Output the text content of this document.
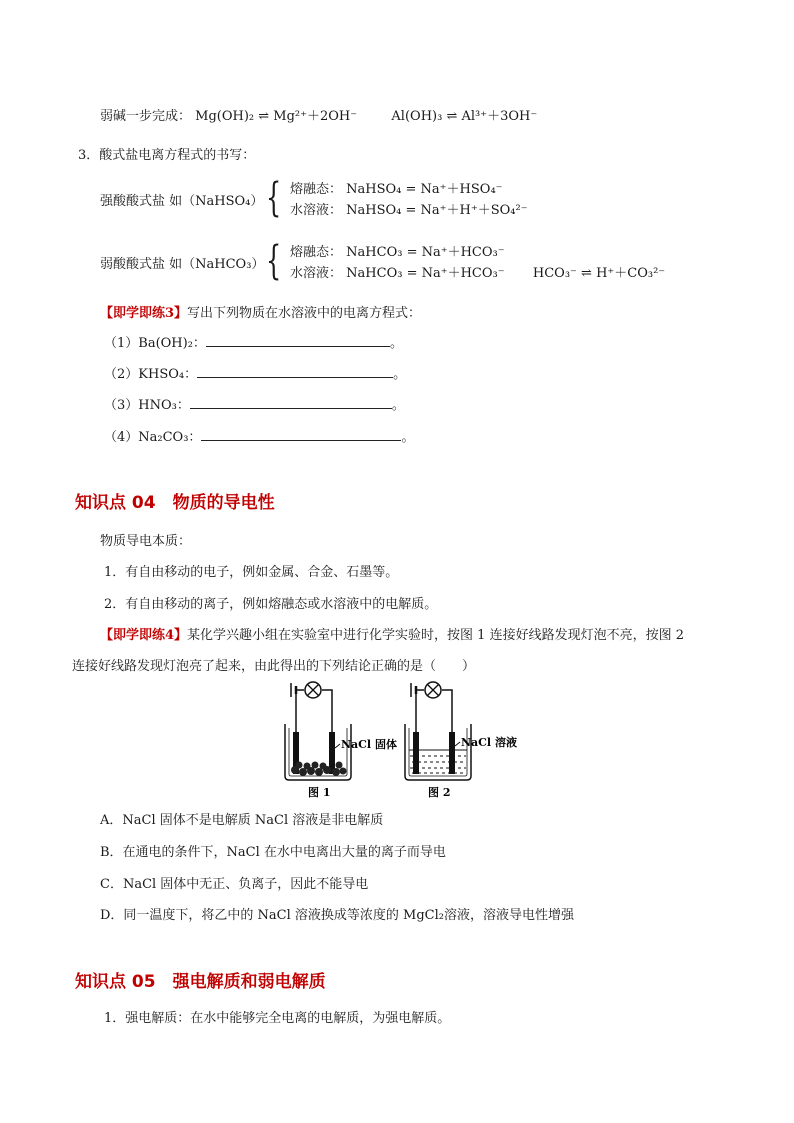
弱碱一步完成： Mg(OH)₂ ⇌ Mg²⁺＋2OH⁻	Al(OH)₃ ⇌ Al³⁺＋3OH⁻
3．酸式盐电离方程式的书写：
强酸酸式盐 如（NaHSO₄） { 熔融态： NaHSO₄ = Na⁺＋HSO₄⁻
水溶液： NaHSO₄ = Na⁺＋H⁺＋SO₄²⁻
弱酸酸式盐 如（NaHCO₃） { 熔融态： NaHCO₃ = Na⁺＋HCO₃⁻
水溶液： NaHCO₃ = Na⁺＋HCO₃⁻ HCO₃⁻ ⇌ H⁺＋CO₃²⁻
【即学即练3】写出下列物质在水溶液中的电离方程式：
（1）Ba(OH)₂：	。
（2）KHSO₄：	。
（3）HNO₃：	。
（4）Na₂CO₃：	。
知识点 04　物质的导电性
物质导电本质：
1．有自由移动的电子，例如金属、合金、石墨等。
2．有自由移动的离子，例如熔融态或水溶液中的电解质。
【即学即练4】某化学兴趣小组在实验室中进行化学实验时，按图 1 连接好线路发现灯泡不亮，按图 2
连接好线路发现灯泡亮了起来，由此得出的下列结论正确的是（　　）
NaCl 固体
图 1
NaCl 溶液
图 2
A．NaCl 固体不是电解质 NaCl 溶液是非电解质
B．在通电的条件下，NaCl 在水中电离出大量的离子而导电
C．NaCl 固体中无正、负离子，因此不能导电
D．同一温度下，将乙中的 NaCl 溶液换成等浓度的 MgCl₂溶液，溶液导电性增强
知识点 05　强电解质和弱电解质
1．强电解质：在水中能够完全电离的电解质，为强电解质。
